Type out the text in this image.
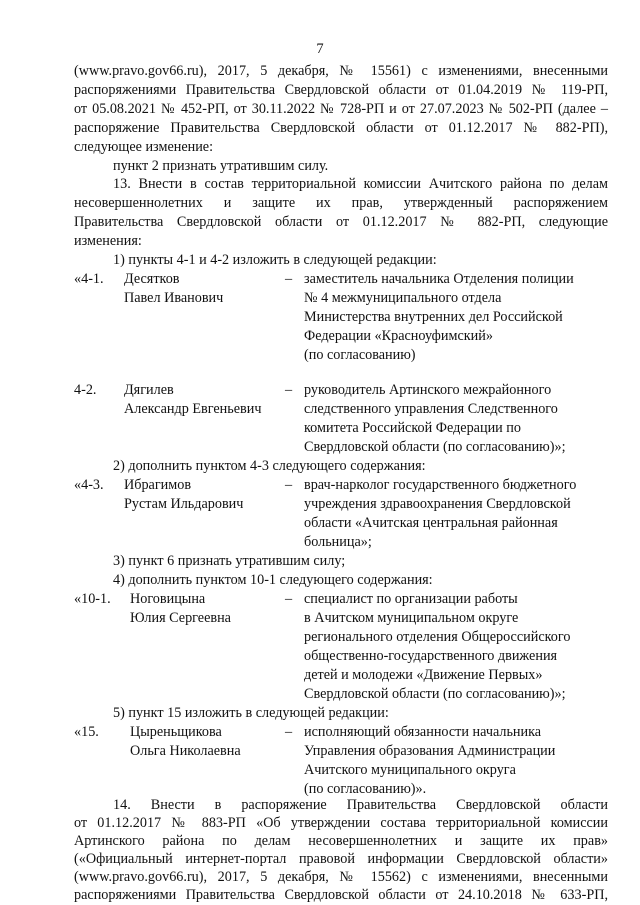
7
(www.pravo.gov66.ru), 2017, 5 декабря, № 15561) с изменениями, внесенными
распоряжениями Правительства Свердловской области от 01.04.2019 № 119-РП,
от 05.08.2021 № 452-РП, от 30.11.2022 № 728-РП и от 27.07.2023 № 502-РП (далее –
распоряжение Правительства Свердловской области от 01.12.2017 № 882-РП),
следующее изменение:
пункт 2 признать утратившим силу.
13. Внести в состав территориальной комиссии Ачитского района по делам
несовершеннолетних и защите их прав, утвержденный распоряжением
Правительства Свердловской области от 01.12.2017 № 882-РП, следующие
изменения:
1) пункты 4-1 и 4-2 изложить в следующей редакции:
«4-1. Десятков
Павел Иванович
– заместитель начальника Отделения полиции
№ 4 межмуниципального отдела
Министерства внутренних дел Российской
Федерации «Красноуфимский»
(по согласованию)
4-2. Дягилев
Александр Евгеньевич
– руководитель Артинского межрайонного
следственного управления Следственного
комитета Российской Федерации по
Свердловской области (по согласованию)»;
2) дополнить пунктом 4-3 следующего содержания:
«4-3. Ибрагимов
Рустам Ильдарович
– врач-нарколог государственного бюджетного
учреждения здравоохранения Свердловской
области «Ачитская центральная районная
больница»;
3) пункт 6 признать утратившим силу;
4) дополнить пунктом 10-1 следующего содержания:
«10-1. Ноговицына
Юлия Сергеевна
– специалист по организации работы
в Ачитском муниципальном округе
регионального отделения Общероссийского
общественно-государственного движения
детей и молодежи «Движение Первых»
Свердловской области (по согласованию)»;
5) пункт 15 изложить в следующей редакции:
«15. Цыреньщикова
Ольга Николаевна
– исполняющий обязанности начальника
Управления образования Администрации
Ачитского муниципального округа
(по согласованию)».
14. Внести в распоряжение Правительства Свердловской области
от 01.12.2017 № 883-РП «Об утверждении состава территориальной комиссии
Артинского района по делам несовершеннолетних и защите их прав»
(«Официальный интернет-портал правовой информации Свердловской области»
(www.pravo.gov66.ru), 2017, 5 декабря, № 15562) с изменениями, внесенными
распоряжениями Правительства Свердловской области от 24.10.2018 № 633-РП,
